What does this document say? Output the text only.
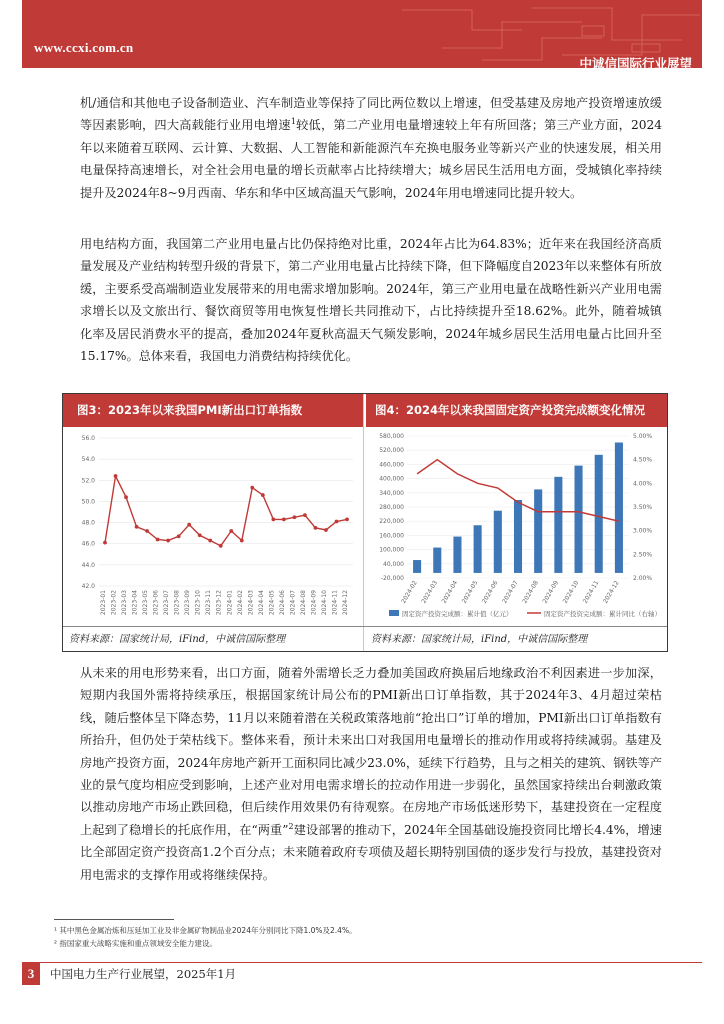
www.ccxi.com.cn
中诚信国际行业展望

机/通信和其他电子设备制造业、汽车制造业等保持了同比两位数以上增速，但受基建及房地产投资增速放缓等因素影响，四大高载能行业用电增速$^1$较低，第二产业用电量增速较上年有所回落；第三产业方面，2024年以来随着互联网、云计算、大数据、人工智能和新能源汽车充换电服务业等新兴产业的快速发展，相关用电量保持高速增长，对全社会用电量的增长贡献率占比持续增大；城乡居民生活用电方面，受城镇化率持续提升及2024年8~9月西南、华东和华中区域高温天气影响，2024年用电增速同比提升较大。

用电结构方面，我国第二产业用电量占比仍保持绝对比重，2024年占比为64.83%；近年来在我国经济高质量发展及产业结构转型升级的背景下，第二产业用电量占比持续下降，但下降幅度自2023年以来整体有所放缓，主要系受高端制造业发展带来的用电需求增加影响。2024年，第三产业用电量在战略性新兴产业用电需求增长以及文旅出行、餐饮商贸等用电恢复性增长共同推动下，占比持续提升至18.62%。此外，随着城镇化率及居民消费水平的提高，叠加2024年夏秋高温天气频发影响，2024年城乡居民生活用电量占比回升至15.17%。总体来看，我国电力消费结构持续优化。

图3：2023年以来我国PMI新出口订单指数	图4：2024年以来我国固定资产投资完成额变化情况
42.0
44.0
46.0
48.0
50.0
52.0
54.0
56.0
2023-01 2023-02 2023-03 2023-04 2023-05 2023-06 2023-07 2023-08 2023-09 2023-10 2023-11 2023-12 2024-01 2024-02 2024-03 2024-04 2024-05 2024-06 2024-07 2024-08 2024-09 2024-10 2024-11 2024-12
-20,000
40,000
100,000
160,000
220,000
280,000
340,000
400,000
460,000
520,000
580,000
2.00%
2.50%
3.00%
3.50%
4.00%
4.50%
5.00%
2024-02 2024-03 2024-04 2024-05 2024-06 2024-07 2024-08 2024-09 2024-10 2024-11 2024-12
固定资产投资完成额：累计值（亿元）	固定资产投资完成额：累计同比（右轴）
资料来源：国家统计局，iFind，中诚信国际整理	资料来源：国家统计局，iFind，中诚信国际整理

从未来的用电形势来看，出口方面，随着外需增长乏力叠加美国政府换届后地缘政治不利因素进一步加深，短期内我国外需将持续承压，根据国家统计局公布的PMI新出口订单指数，其于2024年3、4月超过荣枯线，随后整体呈下降态势，11月以来随着潜在关税政策落地前“抢出口”订单的增加，PMI新出口订单指数有所抬升，但仍处于荣枯线下。整体来看，预计未来出口对我国用电量增长的推动作用或将持续减弱。基建及房地产投资方面，2024年房地产新开工面积同比减少23.0%，延续下行趋势，且与之相关的建筑、钢铁等产业的景气度均相应受到影响，上述产业对用电需求增长的拉动作用进一步弱化，虽然国家持续出台刺激政策以推动房地产市场止跌回稳，但后续作用效果仍有待观察。在房地产市场低迷形势下，基建投资在一定程度上起到了稳增长的托底作用，在“两重”$^2$建设部署的推动下，2024年全国基础设施投资同比增长4.4%，增速比全部固定资产投资高1.2个百分点；未来随着政府专项债及超长期特别国债的逐步发行与投放，基建投资对用电需求的支撑作用或将继续保持。

¹ 其中黑色金属冶炼和压延加工业及非金属矿物制品业2024年分别同比下降1.0%及2.4%。
² 指国家重大战略实施和重点领域安全能力建设。
3	中国电力生产行业展望，2025年1月
